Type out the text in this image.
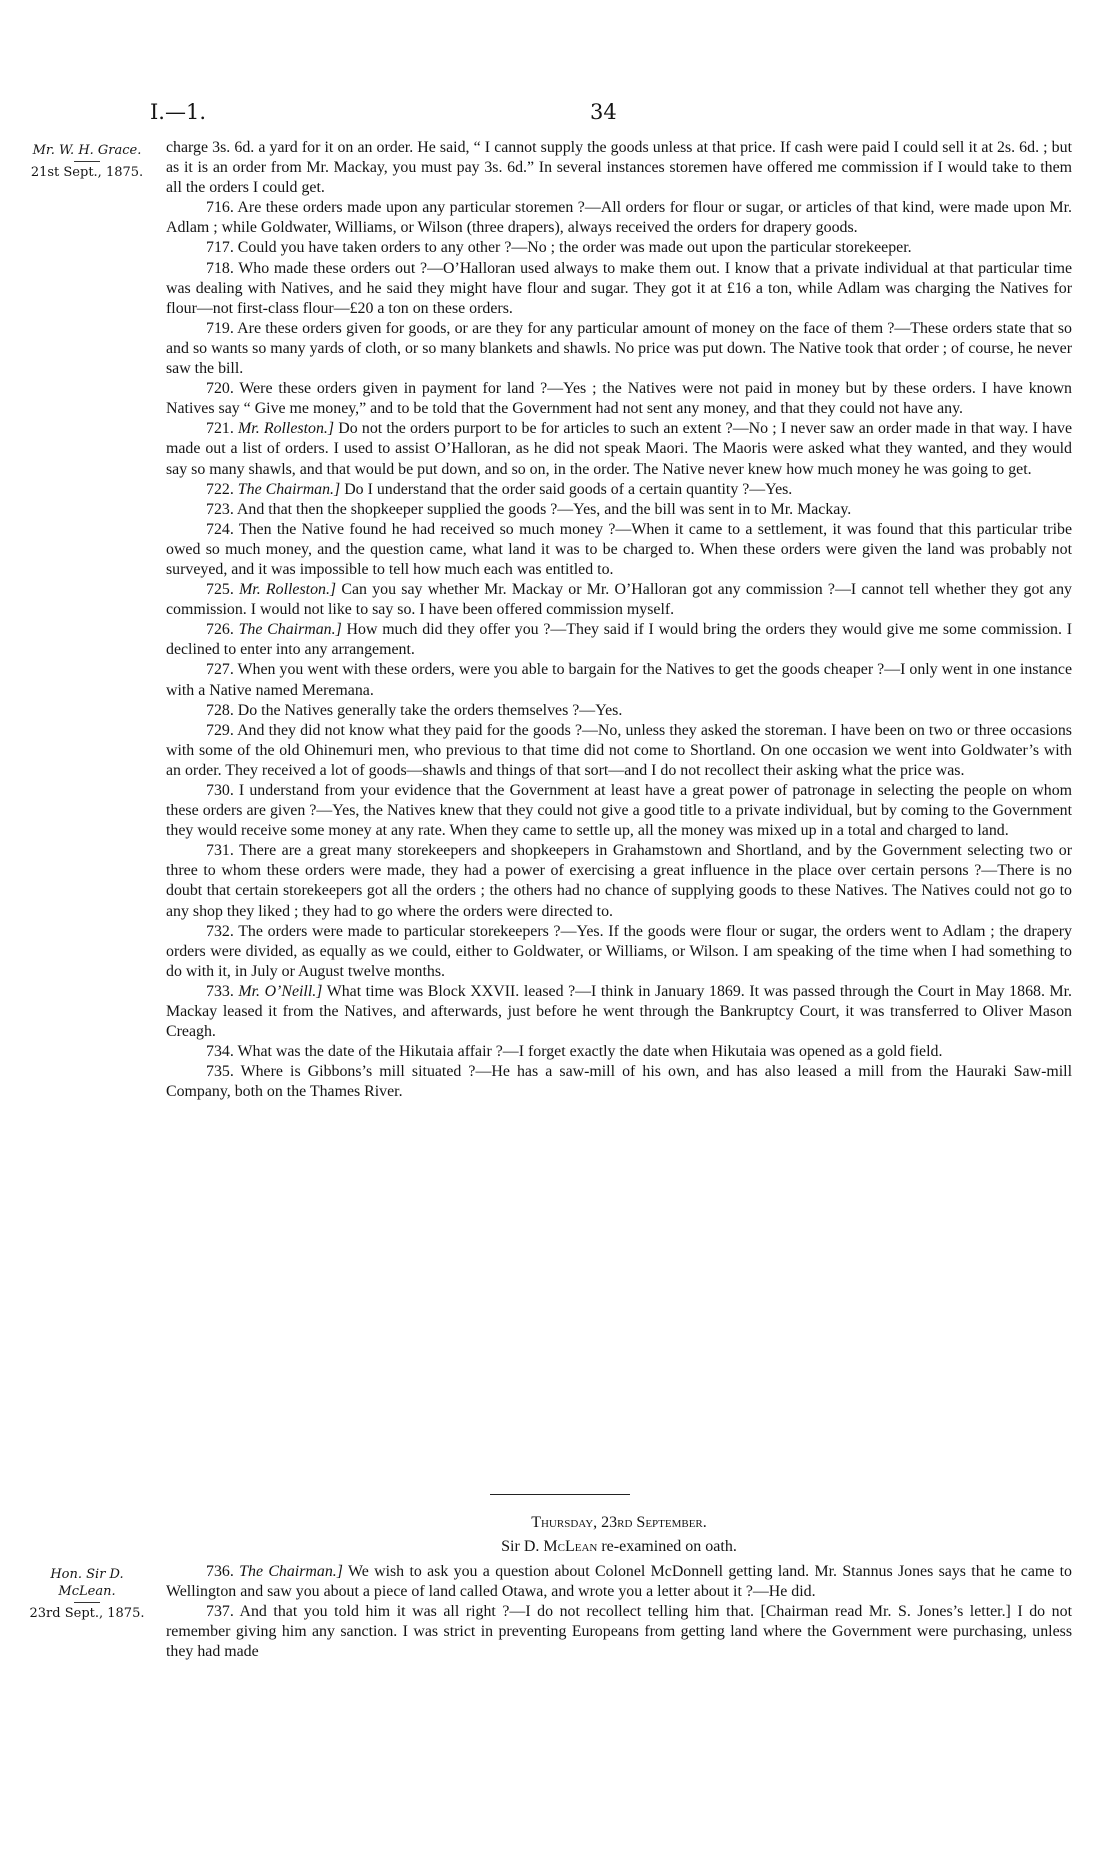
I.—1.	34
Mr. W. H. Grace.
21st Sept., 1875.

charge 3s. 6d. a yard for it on an order. He said, “ I cannot supply the goods unless at that price. If cash were paid I could sell it at 2s. 6d. ; but as it is an order from Mr. Mackay, you must pay 3s. 6d.” In several instances storemen have offered me commission if I would take to them all the orders I could get.

716. Are these orders made upon any particular storemen ?—All orders for flour or sugar, or articles of that kind, were made upon Mr. Adlam ; while Goldwater, Williams, or Wilson (three drapers), always received the orders for drapery goods.

717. Could you have taken orders to any other ?—No ; the order was made out upon the particular storekeeper.

718. Who made these orders out ?—O’Halloran used always to make them out. I know that a private individual at that particular time was dealing with Natives, and he said they might have flour and sugar. They got it at £16 a ton, while Adlam was charging the Natives for flour—not first-class flour—£20 a ton on these orders.

719. Are these orders given for goods, or are they for any particular amount of money on the face of them ?—These orders state that so and so wants so many yards of cloth, or so many blankets and shawls. No price was put down. The Native took that order ; of course, he never saw the bill.

720. Were these orders given in payment for land ?—Yes ; the Natives were not paid in money but by these orders. I have known Natives say “ Give me money,” and to be told that the Government had not sent any money, and that they could not have any.

721. Mr. Rolleston.] Do not the orders purport to be for articles to such an extent ?—No ; I never saw an order made in that way. I have made out a list of orders. I used to assist O’Halloran, as he did not speak Maori. The Maoris were asked what they wanted, and they would say so many shawls, and that would be put down, and so on, in the order. The Native never knew how much money he was going to get.

722. The Chairman.] Do I understand that the order said goods of a certain quantity ?—Yes.

723. And that then the shopkeeper supplied the goods ?—Yes, and the bill was sent in to Mr. Mackay.

724. Then the Native found he had received so much money ?—When it came to a settlement, it was found that this particular tribe owed so much money, and the question came, what land it was to be charged to. When these orders were given the land was probably not surveyed, and it was impossible to tell how much each was entitled to.

725. Mr. Rolleston.] Can you say whether Mr. Mackay or Mr. O’Halloran got any commission ?—I cannot tell whether they got any commission. I would not like to say so. I have been offered commission myself.

726. The Chairman.] How much did they offer you ?—They said if I would bring the orders they would give me some commission. I declined to enter into any arrangement.

727. When you went with these orders, were you able to bargain for the Natives to get the goods cheaper ?—I only went in one instance with a Native named Meremana.

728. Do the Natives generally take the orders themselves ?—Yes.

729. And they did not know what they paid for the goods ?—No, unless they asked the storeman. I have been on two or three occasions with some of the old Ohinemuri men, who previous to that time did not come to Shortland. On one occasion we went into Goldwater’s with an order. They received a lot of goods—shawls and things of that sort—and I do not recollect their asking what the price was.

730. I understand from your evidence that the Government at least have a great power of patronage in selecting the people on whom these orders are given ?—Yes, the Natives knew that they could not give a good title to a private individual, but by coming to the Government they would receive some money at any rate. When they came to settle up, all the money was mixed up in a total and charged to land.

731. There are a great many storekeepers and shopkeepers in Grahamstown and Shortland, and by the Government selecting two or three to whom these orders were made, they had a power of exercising a great influence in the place over certain persons ?—There is no doubt that certain storekeepers got all the orders ; the others had no chance of supplying goods to these Natives. The Natives could not go to any shop they liked ; they had to go where the orders were directed to.

732. The orders were made to particular storekeepers ?—Yes. If the goods were flour or sugar, the orders went to Adlam ; the drapery orders were divided, as equally as we could, either to Goldwater, or Williams, or Wilson. I am speaking of the time when I had something to do with it, in July or August twelve months.

733. Mr. O’Neill.] What time was Block XXVII. leased ?—I think in January 1869. It was passed through the Court in May 1868. Mr. Mackay leased it from the Natives, and afterwards, just before he went through the Bankruptcy Court, it was transferred to Oliver Mason Creagh.

734. What was the date of the Hikutaia affair ?—I forget exactly the date when Hikutaia was opened as a gold field.

735. Where is Gibbons’s mill situated ?—He has a saw-mill of his own, and has also leased a mill from the Hauraki Saw-mill Company, both on the Thames River.

Thursday, 23rd September.
Sir D. McLean re-examined on oath.
Hon. Sir D.
McLean.
23rd Sept., 1875.

736. The Chairman.] We wish to ask you a question about Colonel McDonnell getting land. Mr. Stannus Jones says that he came to Wellington and saw you about a piece of land called Otawa, and wrote you a letter about it ?—He did.

737. And that you told him it was all right ?—I do not recollect telling him that. [Chairman read Mr. S. Jones’s letter.] I do not remember giving him any sanction. I was strict in preventing Europeans from getting land where the Government were purchasing, unless they had made
